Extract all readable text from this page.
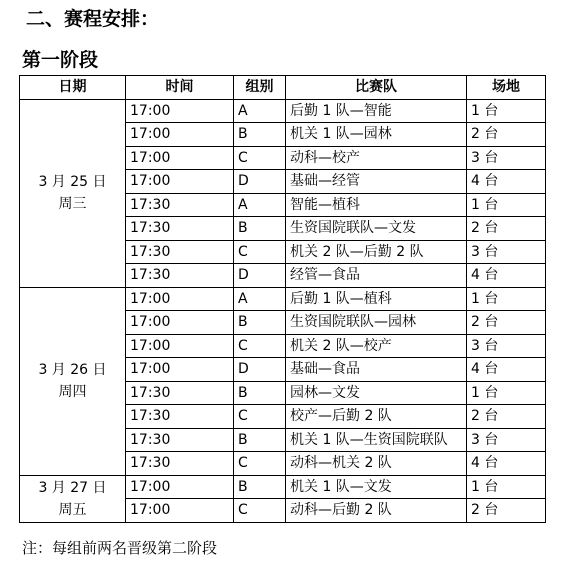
二、赛程安排：
第一阶段
日期	时间	组别	比赛队	场地

3 月 25 日
周三	17:00	A	后勤 1 队—智能	1 台
	17:00	B	机关 1 队—园林	2 台
	17:00	C	动科—校产	3 台
	17:00	D	基础—经管	4 台
	17:30	A	智能—植科	1 台
	17:30	B	生资国院联队—文发	2 台
	17:30	C	机关 2 队—后勤 2 队	3 台
	17:30	D	经管—食品	4 台

3 月 26 日
周四	17:00	A	后勤 1 队—植科	1 台
	17:00	B	生资国院联队—园林	2 台
	17:00	C	机关 2 队—校产	3 台
	17:00	D	基础—食品	4 台
	17:30	B	园林—文发	1 台
	17:30	C	校产—后勤 2 队	2 台
	17:30	B	机关 1 队—生资国院联队	3 台
	17:30	C	动科—机关 2 队	4 台

3 月 27 日
周五	17:00	B	机关 1 队—文发	1 台
	17:00	C	动科—后勤 2 队	2 台
注：每组前两名晋级第二阶段
